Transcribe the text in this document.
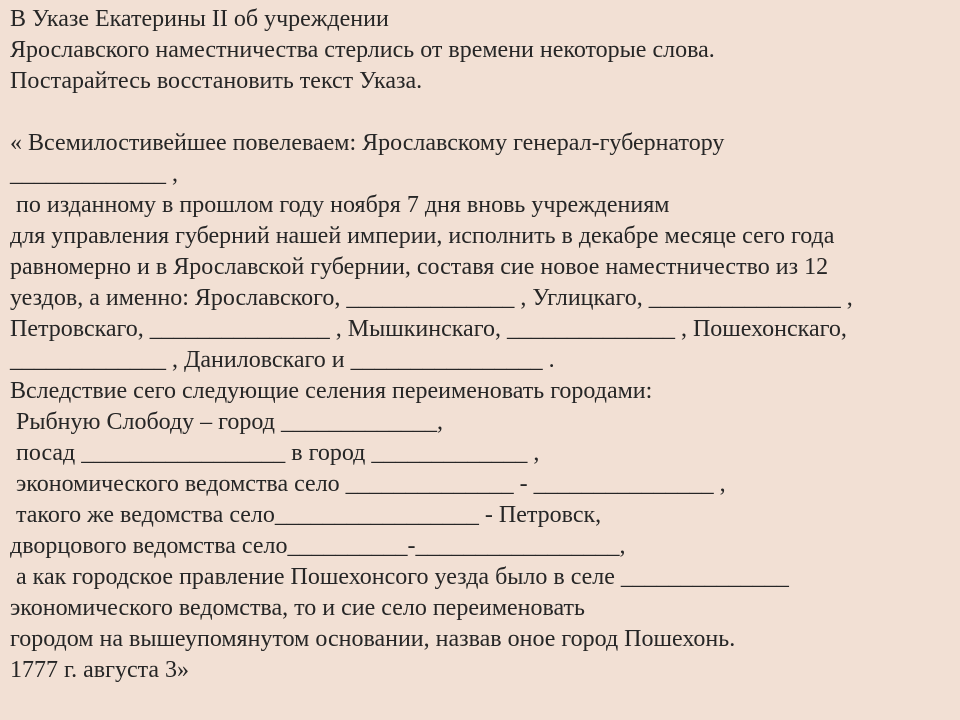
В Указе Екатерины II об учреждении
Ярославского наместничества стерлись от времени некоторые слова.
Постарайтесь восстановить текст Указа.
« Всемилостивейшее повелеваем: Ярославскому генерал-губернатору
_____________ ,
по изданному в прошлом году ноября 7 дня вновь учреждениям
для управления губерний нашей империи, исполнить в декабре месяце сего года
равномерно и в Ярославской губернии, составя сие новое наместничество из 12
уездов, а именно: Ярославского, ______________ , Углицкаго, ________________ ,
Петровскаго, _______________ , Мышкинскаго, ______________ , Пошехонскаго,
_____________ , Даниловскаго и ________________ .
Вследствие сего следующие селения переименовать городами:
Рыбную Слободу – город _____________,
посад _________________ в город _____________ ,
экономического ведомства село ______________ - _______________ ,
такого же ведомства село_________________ - Петровск,
дворцового ведомства село__________-_________________,
а как городское правление Пошехонсого уезда было в селе ______________
экономического ведомства, то и сие село переименовать
городом на вышеупомянутом основании, назвав оное город Пошехонь.
1777 г. августа 3»
